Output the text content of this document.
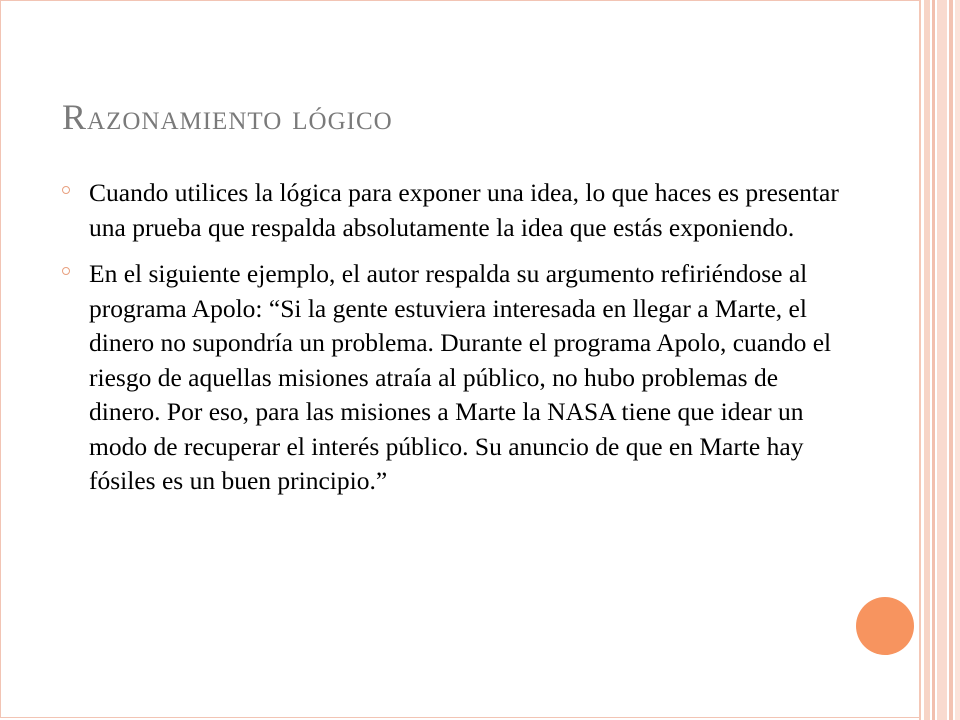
Razonamiento lógico
Cuando utilices la lógica para exponer una idea, lo que haces es presentar una prueba que respalda absolutamente la idea que estás exponiendo.
En el siguiente ejemplo, el autor respalda su argumento refiriéndose al programa Apolo: “Si la gente estuviera interesada en llegar a Marte, el dinero no supondría un problema. Durante el programa Apolo, cuando el riesgo de aquellas misiones atraía al público, no hubo problemas de dinero. Por eso, para las misiones a Marte la NASA tiene que idear un modo de recuperar el interés público. Su anuncio de que en Marte hay fósiles es un buen principio.”
